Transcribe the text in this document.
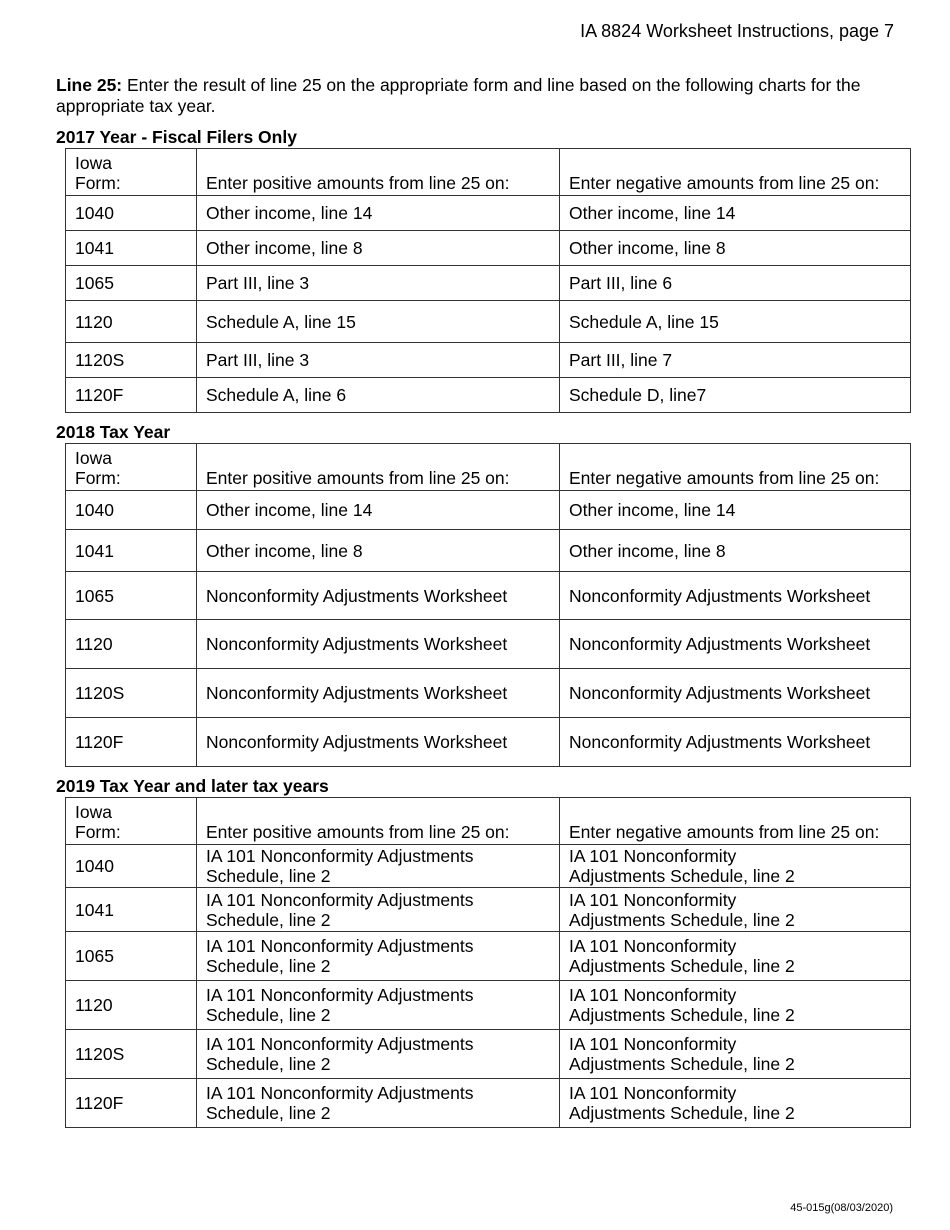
IA 8824 Worksheet Instructions, page 7
Line 25: Enter the result of line 25 on the appropriate form and line based on the following charts for the appropriate tax year.
2017 Year - Fiscal Filers Only
Iowa Form:	Enter positive amounts from line 25 on:	Enter negative amounts from line 25 on:
1040	Other income, line 14	Other income, line 14
1041	Other income, line 8	Other income, line 8
1065	Part III, line 3	Part III, line 6
1120	Schedule A, line 15	Schedule A, line 15
1120S	Part III, line 3	Part III, line 7
1120F	Schedule A, line 6	Schedule D, line7
2018 Tax Year
Iowa Form:	Enter positive amounts from line 25 on:	Enter negative amounts from line 25 on:
1040	Other income, line 14	Other income, line 14
1041	Other income, line 8	Other income, line 8
1065	Nonconformity Adjustments Worksheet	Nonconformity Adjustments Worksheet
1120	Nonconformity Adjustments Worksheet	Nonconformity Adjustments Worksheet
1120S	Nonconformity Adjustments Worksheet	Nonconformity Adjustments Worksheet
1120F	Nonconformity Adjustments Worksheet	Nonconformity Adjustments Worksheet
2019 Tax Year and later tax years
Iowa Form:	Enter positive amounts from line 25 on:	Enter negative amounts from line 25 on:
1040	IA 101 Nonconformity Adjustments Schedule, line 2	IA 101 Nonconformity Adjustments Schedule, line 2
1041	IA 101 Nonconformity Adjustments Schedule, line 2	IA 101 Nonconformity Adjustments Schedule, line 2
1065	IA 101 Nonconformity Adjustments Schedule, line 2	IA 101 Nonconformity Adjustments Schedule, line 2
1120	IA 101 Nonconformity Adjustments Schedule, line 2	IA 101 Nonconformity Adjustments Schedule, line 2
1120S	IA 101 Nonconformity Adjustments Schedule, line 2	IA 101 Nonconformity Adjustments Schedule, line 2
1120F	IA 101 Nonconformity Adjustments Schedule, line 2	IA 101 Nonconformity Adjustments Schedule, line 2
45-015g(08/03/2020)
